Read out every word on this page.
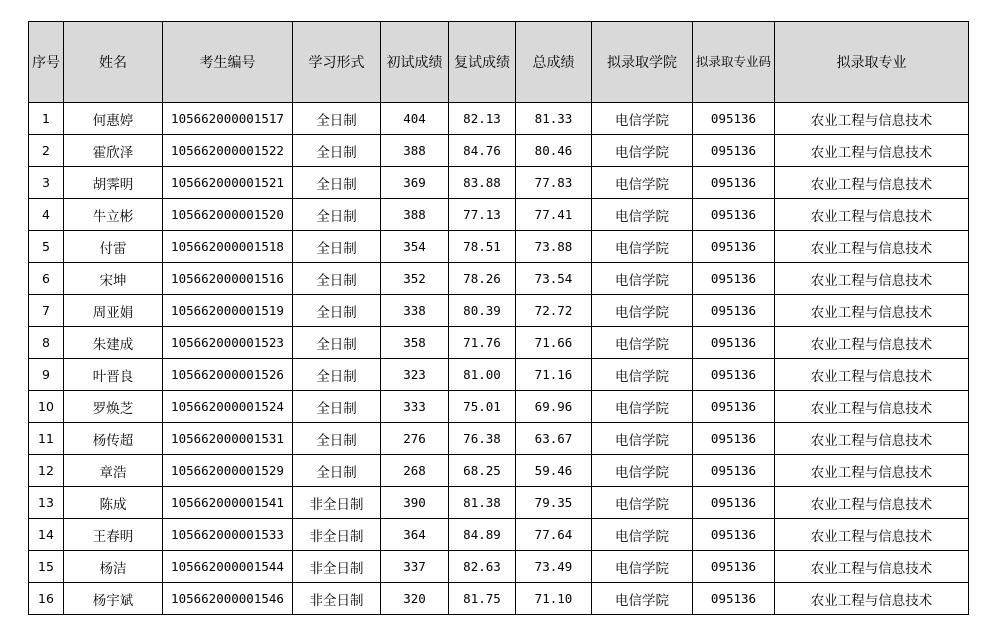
序号	姓名	考生编号	学习形式	初试成绩	复试成绩	总成绩	拟录取学院	拟录取专业码	拟录取专业
1	何惠婷	105662000001517	全日制	404	82.13	81.33	电信学院	095136	农业工程与信息技术
2	霍欣泽	105662000001522	全日制	388	84.76	80.46	电信学院	095136	农业工程与信息技术
3	胡霁明	105662000001521	全日制	369	83.88	77.83	电信学院	095136	农业工程与信息技术
4	牛立彬	105662000001520	全日制	388	77.13	77.41	电信学院	095136	农业工程与信息技术
5	付雷	105662000001518	全日制	354	78.51	73.88	电信学院	095136	农业工程与信息技术
6	宋坤	105662000001516	全日制	352	78.26	73.54	电信学院	095136	农业工程与信息技术
7	周亚娟	105662000001519	全日制	338	80.39	72.72	电信学院	095136	农业工程与信息技术
8	朱建成	105662000001523	全日制	358	71.76	71.66	电信学院	095136	农业工程与信息技术
9	叶晋良	105662000001526	全日制	323	81.00	71.16	电信学院	095136	农业工程与信息技术
10	罗焕芝	105662000001524	全日制	333	75.01	69.96	电信学院	095136	农业工程与信息技术
11	杨传超	105662000001531	全日制	276	76.38	63.67	电信学院	095136	农业工程与信息技术
12	章浩	105662000001529	全日制	268	68.25	59.46	电信学院	095136	农业工程与信息技术
13	陈成	105662000001541	非全日制	390	81.38	79.35	电信学院	095136	农业工程与信息技术
14	王春明	105662000001533	非全日制	364	84.89	77.64	电信学院	095136	农业工程与信息技术
15	杨洁	105662000001544	非全日制	337	82.63	73.49	电信学院	095136	农业工程与信息技术
16	杨宇斌	105662000001546	非全日制	320	81.75	71.10	电信学院	095136	农业工程与信息技术
